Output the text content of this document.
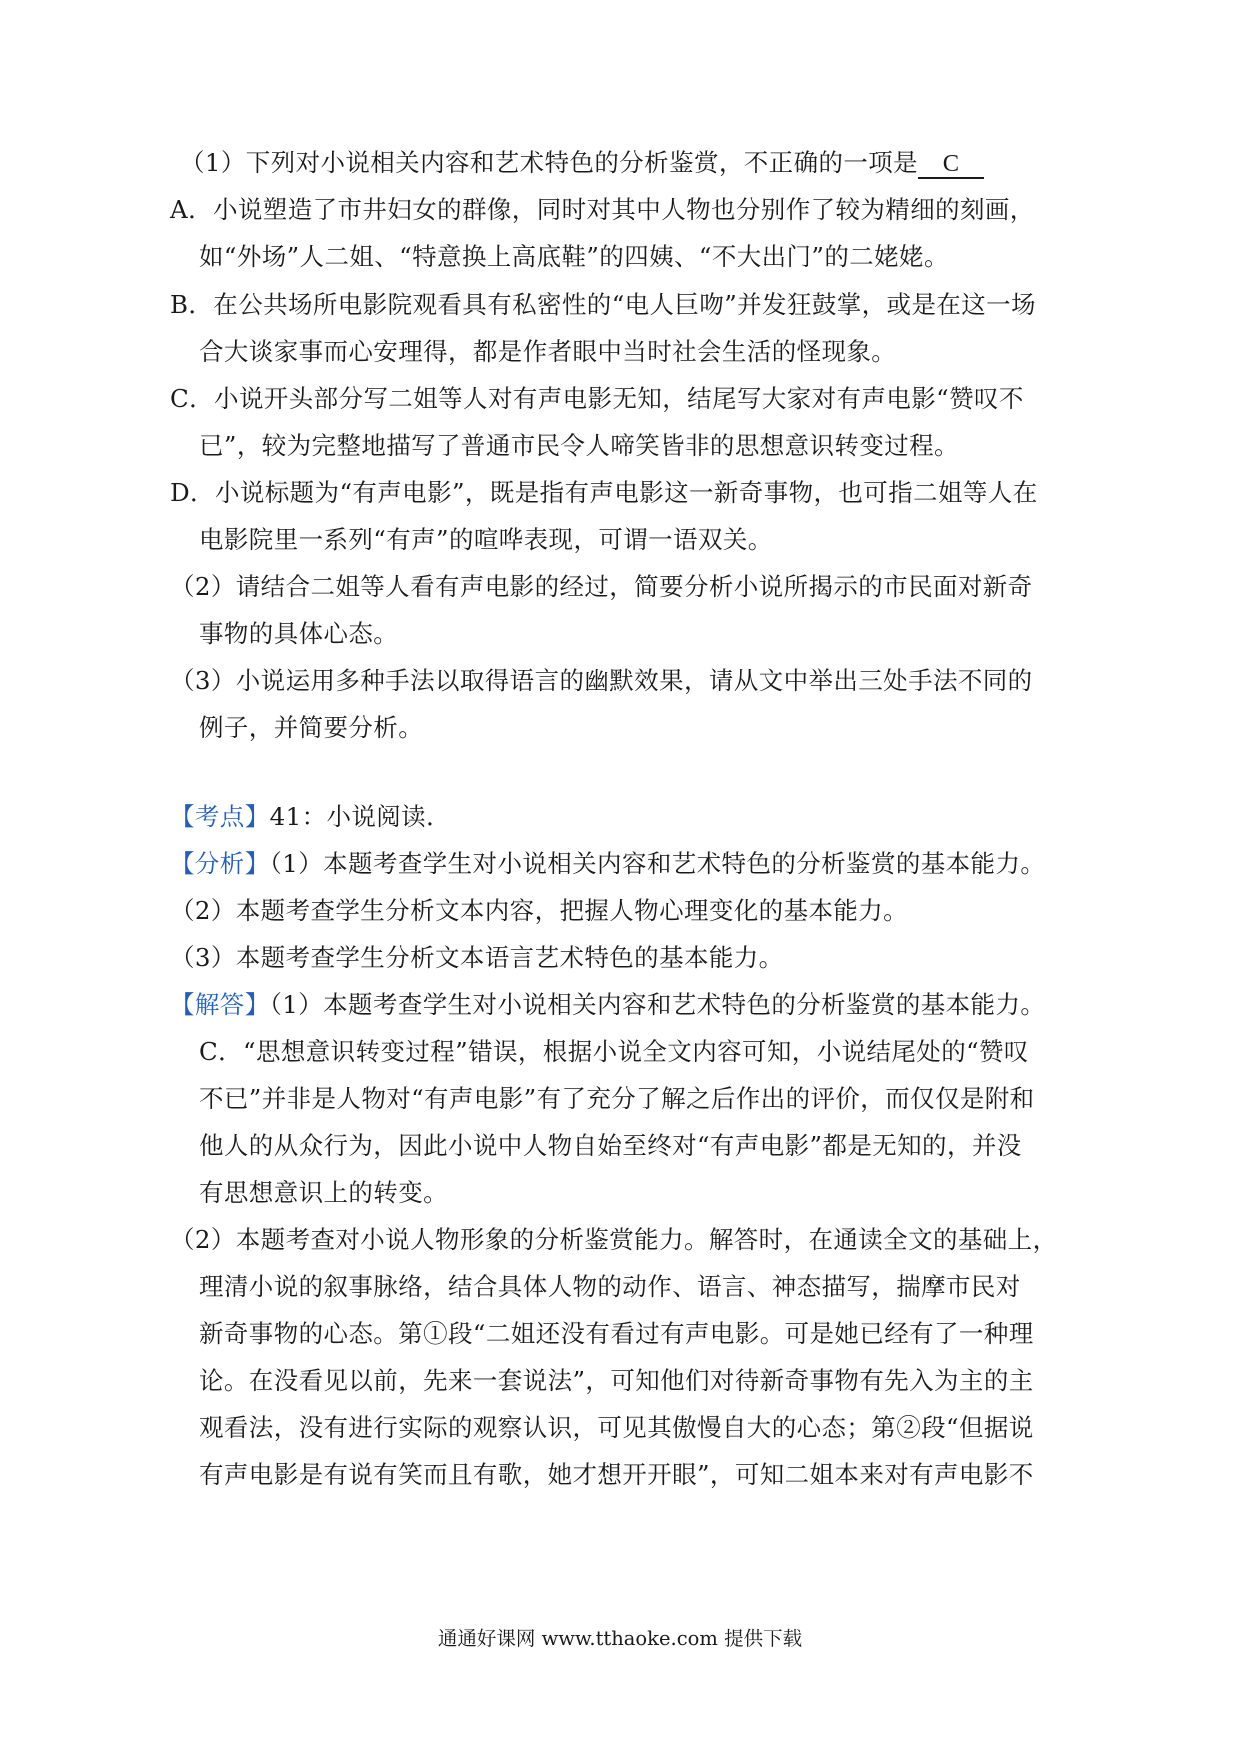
（1）下列对小说相关内容和艺术特色的分析鉴赏，不正确的一项是 C
A．小说塑造了市井妇女的群像，同时对其中人物也分别作了较为精细的刻画，
如“外场”人二姐、“特意换上高底鞋”的四姨、“不大出门”的二姥姥。
B．在公共场所电影院观看具有私密性的“电人巨吻”并发狂鼓掌，或是在这一场
合大谈家事而心安理得，都是作者眼中当时社会生活的怪现象。
C．小说开头部分写二姐等人对有声电影无知，结尾写大家对有声电影“赞叹不
已”，较为完整地描写了普通市民令人啼笑皆非的思想意识转变过程。
D．小说标题为“有声电影”，既是指有声电影这一新奇事物，也可指二姐等人在
电影院里一系列“有声”的喧哗表现，可谓一语双关。
（2）请结合二姐等人看有声电影的经过，简要分析小说所揭示的市民面对新奇
事物的具体心态。
（3）小说运用多种手法以取得语言的幽默效果，请从文中举出三处手法不同的
例子，并简要分析。
【考点】41：小说阅读．
【分析】（1）本题考查学生对小说相关内容和艺术特色的分析鉴赏的基本能力。
（2）本题考查学生分析文本内容，把握人物心理变化的基本能力。
（3）本题考查学生分析文本语言艺术特色的基本能力。
【解答】（1）本题考查学生对小说相关内容和艺术特色的分析鉴赏的基本能力。
C．“思想意识转变过程”错误，根据小说全文内容可知，小说结尾处的“赞叹
不已”并非是人物对“有声电影”有了充分了解之后作出的评价，而仅仅是附和
他人的从众行为，因此小说中人物自始至终对“有声电影”都是无知的，并没
有思想意识上的转变。
（2）本题考查对小说人物形象的分析鉴赏能力。解答时，在通读全文的基础上，
理清小说的叙事脉络，结合具体人物的动作、语言、神态描写，揣摩市民对
新奇事物的心态。第①段“二姐还没有看过有声电影。可是她已经有了一种理
论。在没看见以前，先来一套说法”，可知他们对待新奇事物有先入为主的主
观看法，没有进行实际的观察认识，可见其傲慢自大的心态；第②段“但据说
有声电影是有说有笑而且有歌，她才想开开眼”，可知二姐本来对有声电影不
通通好课网 www.tthaoke.com 提供下载
